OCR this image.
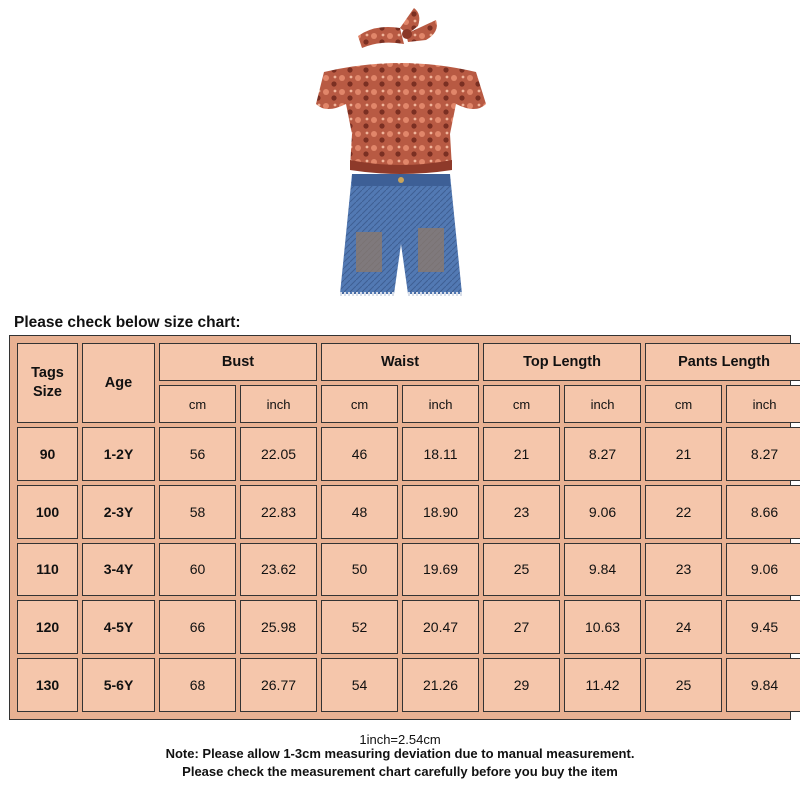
Please check below size chart:
Tags Size	Age	Bust		Waist		Top Length		Pants Length	
		cm	inch	cm	inch	cm	inch	cm	inch
90	1-2Y	56	22.05	46	18.11	21	8.27	21	8.27
100	2-3Y	58	22.83	48	18.90	23	9.06	22	8.66
110	3-4Y	60	23.62	50	19.69	25	9.84	23	9.06
120	4-5Y	66	25.98	52	20.47	27	10.63	24	9.45
130	5-6Y	68	26.77	54	21.26	29	11.42	25	9.84
1inch=2.54cm
Note: Please allow 1-3cm measuring deviation due to manual measurement.
Please check the measurement chart carefully before you buy the item
